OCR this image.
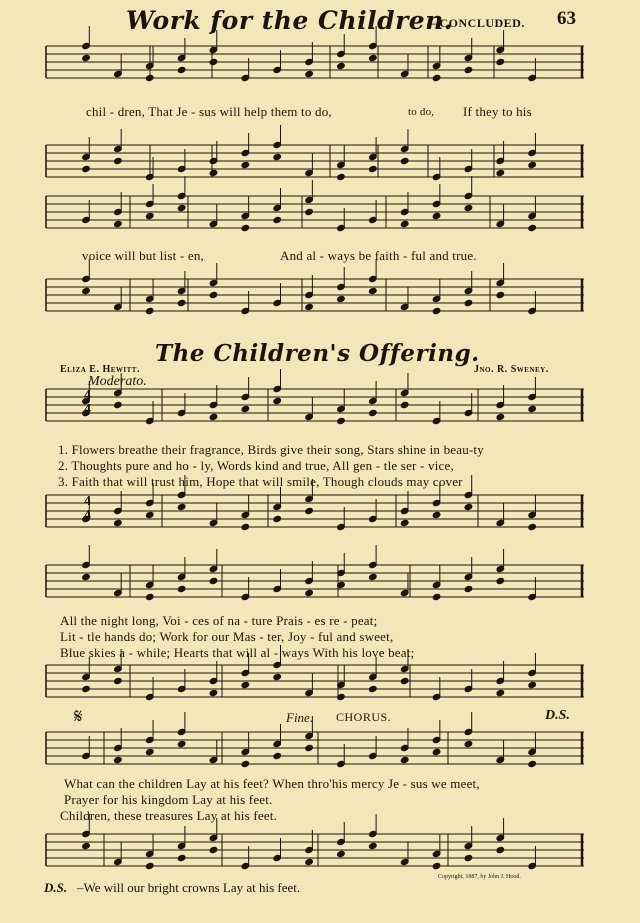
Work for the Children.
—CONCLUDED. 63
chil - dren, That Je - sus will help them to do,	to do, If they to his
voice will but list - en,	And al - ways be faith - ful and true.
The Children's Offering.
Eliza E. Hewitt.	Jno. R. Sweney.
Moderato.
4
4
4
4
1. Flowers breathe their fragrance, Birds give their song, Stars shine in beau-ty
2. Thoughts pure and ho - ly, Words kind and true, All gen - tle ser - vice,
3. Faith that will trust him, Hope that will smile, Though clouds may cover
All the night long, Voi - ces of na - ture Prais - es re - peat;
Lit - tle hands do; Work for our Mas - ter, Joy - ful and sweet,
Blue skies a - while; Hearts that will al - ways With his love beat;
𝄋	Fine. CHORUS.	D.S.
What can the children Lay at his feet? When thro'his mercy Je - sus we meet,
Prayer for his kingdom Lay at his feet.
Children, these treasures Lay at his feet.
D.S. –We will our bright crowns Lay at his feet.
Copyright, 1887, by John J. Hood.
